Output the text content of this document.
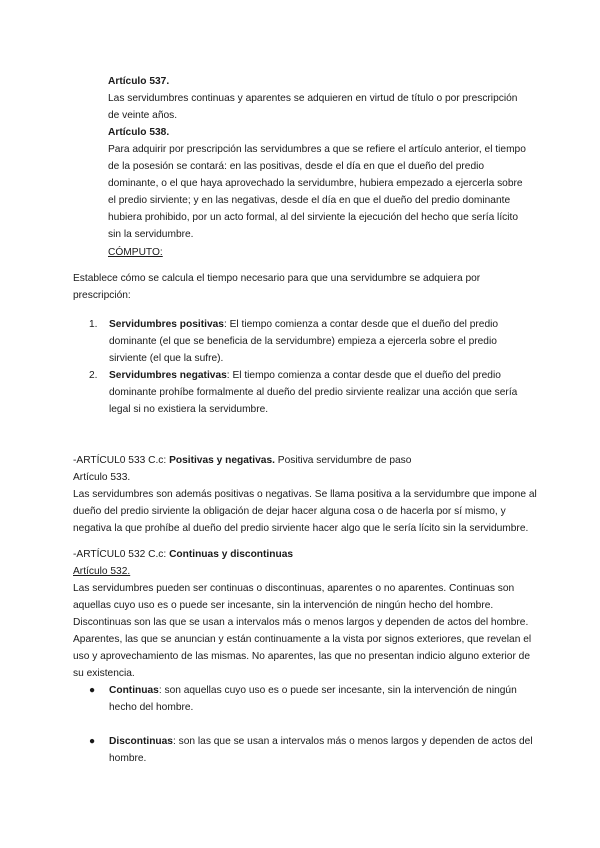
Artículo 537.

Las servidumbres continuas y aparentes se adquieren en virtud de título o por prescripción de veinte años.

Artículo 538.

Para adquirir por prescripción las servidumbres a que se refiere el artículo anterior, el tiempo de la posesión se contará: en las positivas, desde el día en que el dueño del predio dominante, o el que haya aprovechado la servidumbre, hubiera empezado a ejercerla sobre el predio sirviente; y en las negativas, desde el día en que el dueño del predio dominante hubiera prohibido, por un acto formal, al del sirviente la ejecución del hecho que sería lícito sin la servidumbre.

CÓMPUTO:

Establece cómo se calcula el tiempo necesario para que una servidumbre se adquiera por prescripción:

1. Servidumbres positivas: El tiempo comienza a contar desde que el dueño del predio dominante (el que se beneficia de la servidumbre) empieza a ejercerla sobre el predio sirviente (el que la sufre).
2. Servidumbres negativas: El tiempo comienza a contar desde que el dueño del predio dominante prohíbe formalmente al dueño del predio sirviente realizar una acción que sería legal si no existiera la servidumbre.

-ARTÍCUL0 533 C.c: Positivas y negativas. Positiva servidumbre de paso

Artículo 533.

Las servidumbres son además positivas o negativas. Se llama positiva a la servidumbre que impone al dueño del predio sirviente la obligación de dejar hacer alguna cosa o de hacerla por sí mismo, y negativa la que prohíbe al dueño del predio sirviente hacer algo que le sería lícito sin la servidumbre.

-ARTÍCUL0 532 C.c: Continuas y discontinuas

Artículo 532.

Las servidumbres pueden ser continuas o discontinuas, aparentes o no aparentes. Continuas son aquellas cuyo uso es o puede ser incesante, sin la intervención de ningún hecho del hombre. Discontinuas son las que se usan a intervalos más o menos largos y dependen de actos del hombre. Aparentes, las que se anuncian y están continuamente a la vista por signos exteriores, que revelan el uso y aprovechamiento de las mismas. No aparentes, las que no presentan indicio alguno exterior de su existencia.

● Continuas: son aquellas cuyo uso es o puede ser incesante, sin la intervención de ningún hecho del hombre.
● Discontinuas: son las que se usan a intervalos más o menos largos y dependen de actos del hombre.
